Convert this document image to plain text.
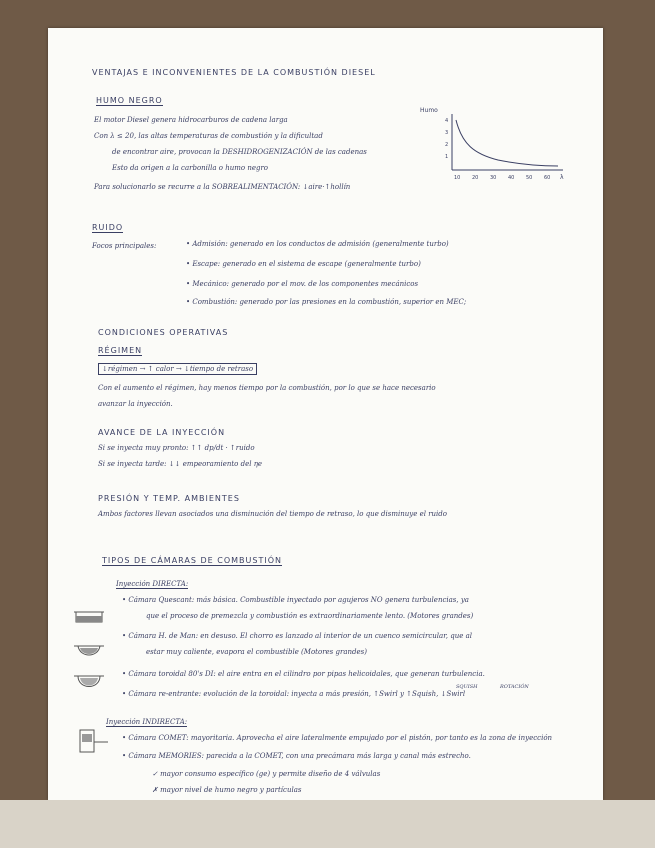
VENTAJAS E INCONVENIENTES DE LA COMBUSTIÓN DIESEL
HUMO NEGRO
El motor Diesel genera hidrocarburos de cadena larga
Con λ ≤ 20, las altas temperaturas de combustión y la dificultad
de encontrar aire, provocan la DESHIDROGENIZACIÓN de las cadenas
Esto da origen a la carbonilla o humo negro
Para solucionarlo se recurre a la SOBREALIMENTACIÓN: ↓aire·↑hollín
Humo
4
3
2
1
10 20 30 40 50 60 λ
RUIDO
Focos principales:	• Admisión: generado en los conductos de admisión (generalmente turbo)
• Escape: generado en el sistema de escape (generalmente turbo)
• Mecánico: generado por el mov. de los componentes mecánicos
• Combustión: generado por las presiones en la combustión, superior en MEC;
CONDICIONES OPERATIVAS
RÉGIMEN
↓régimen → ↑ calor → ↓tiempo de retraso
Con el aumento el régimen, hay menos tiempo por la combustión, por lo que se hace necesario
avanzar la inyección.
AVANCE DE LA INYECCIÓN
Si se inyecta muy pronto: ↑↑ dp/dt · ↑ruido
Si se inyecta tarde: ↓↓ empeoramiento del ηe
PRESIÓN Y TEMP. AMBIENTES
Ambos factores llevan asociados una disminución del tiempo de retraso, lo que disminuye el ruido
TIPOS DE CÁMARAS DE COMBUSTIÓN
Inyección DIRECTA:
• Cámara Quescant: más básica. Combustible inyectado por agujeros NO genera turbulencias, ya
que el proceso de premezcla y combustión es extraordinariamente lento. (Motores grandes)
• Cámara H. de Man: en desuso. El chorro es lanzado al interior de un cuenco semicircular, que al
estar muy caliente, evapora el combustible (Motores grandes)
• Cámara toroidal 80's DI: el aire entra en el cilindro por pipas helicoidales, que generan turbulencia.
SQUISH	ROTACIÓN
• Cámara re-entrante: evolución de la toroidal: inyecta a más presión, ↑Swirl y ↑Squish, ↓Swirl
Inyección INDIRECTA:
• Cámara COMET: mayoritaria. Aprovecha el aire lateralmente empujado por el pistón, por tanto es la zona de inyección
• Cámara MEMORIES: parecida a la COMET, con una precámara más larga y canal más estrecho.
✓ mayor consumo específico (ge) y permite diseño de 4 válvulas
✗ mayor nivel de humo negro y partículas
